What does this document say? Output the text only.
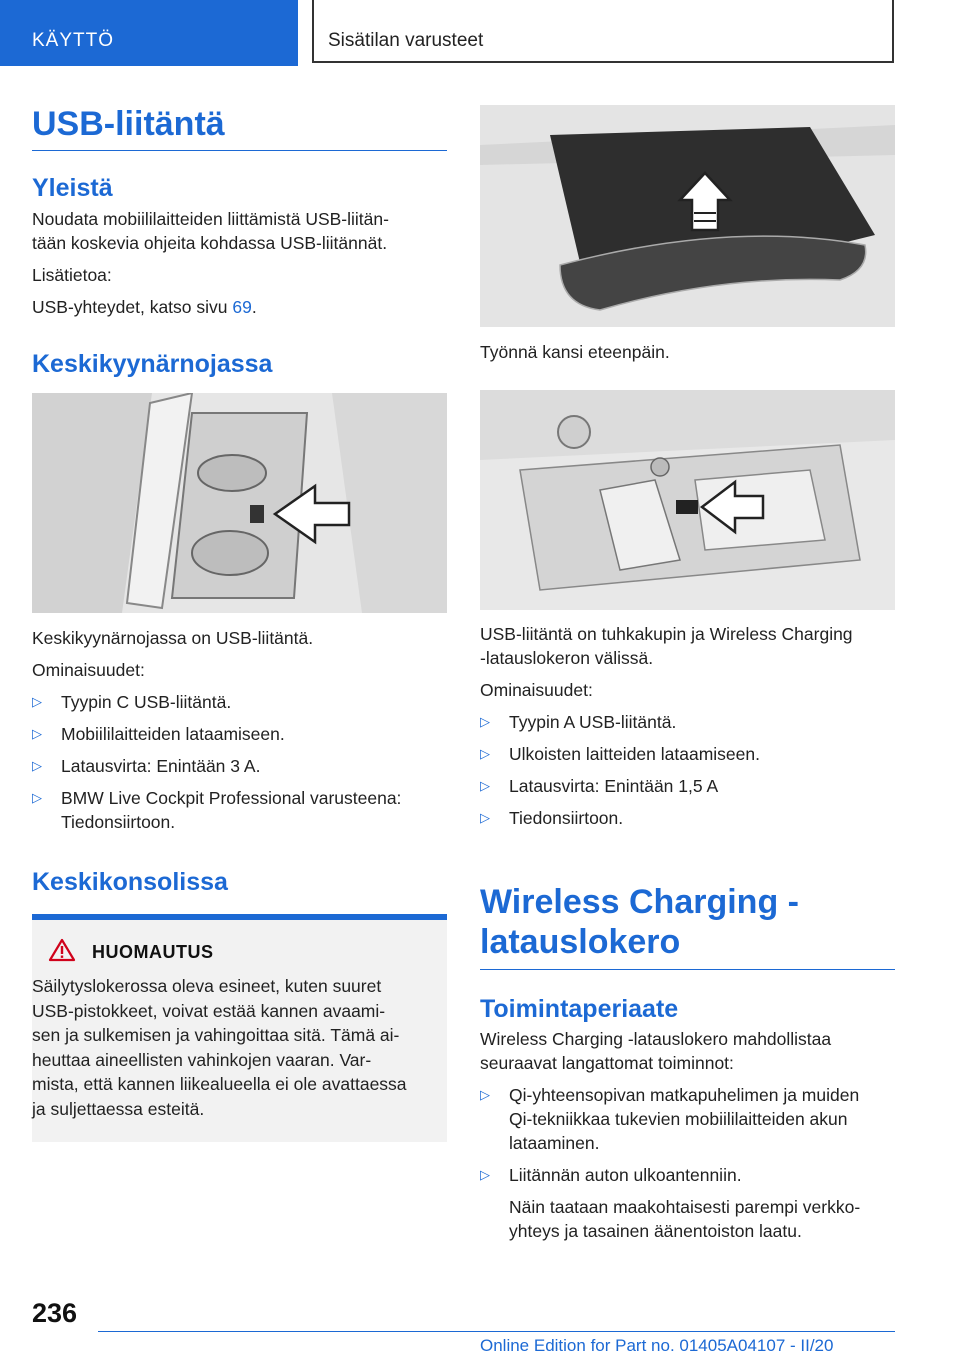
KÄYTTÖ	Sisätilan varusteet
USB-liitäntä
Yleistä

Noudata mobiililaitteiden liittämistä USB-liitän-
tään koskevia ohjeita kohdassa USB-liitännät.

Lisätietoa:

USB-yhteydet, katso sivu 69.

Keskikyynärnojassa
Keskikyynärnojassa on USB-liitäntä.
Ominaisuudet:
▷ Tyypin C USB-liitäntä.
▷ Mobiililaitteiden lataamiseen.
▷ Latausvirta: Enintään 3 A.
▷ BMW Live Cockpit Professional varusteena:
Tiedonsiirtoon.
Keskikonsolissa
HUOMAUTUS
Säilytyslokerossa oleva esineet, kuten suuret
USB-pistokkeet, voivat estää kannen avaami-
sen ja sulkemisen ja vahingoittaa sitä. Tämä ai-
heuttaa aineellisten vahinkojen vaaran. Var-
mista, että kannen liikealueella ei ole avattaessa
ja suljettaessa esteitä.
Työnnä kansi eteenpäin.
USB-liitäntä on tuhkakupin ja Wireless Charging
-latauslokeron välissä.
Ominaisuudet:
▷ Tyypin A USB-liitäntä.
▷ Ulkoisten laitteiden lataamiseen.
▷ Latausvirta: Enintään 1,5 A
▷ Tiedonsiirtoon.
Wireless Charging -
latauslokero
Toimintaperiaate

Wireless Charging -latauslokero mahdollistaa
seuraavat langattomat toiminnot:

▷ Qi-yhteensopivan matkapuhelimen ja muiden
Qi-tekniikkaa tukevien mobiililaitteiden akun
lataaminen.
▷ Liitännän auton ulkoantenniin.
Näin taataan maakohtaisesti parempi verkko-
yhteys ja tasainen äänentoiston laatu.
236
Online Edition for Part no. 01405A04107 - II/20
